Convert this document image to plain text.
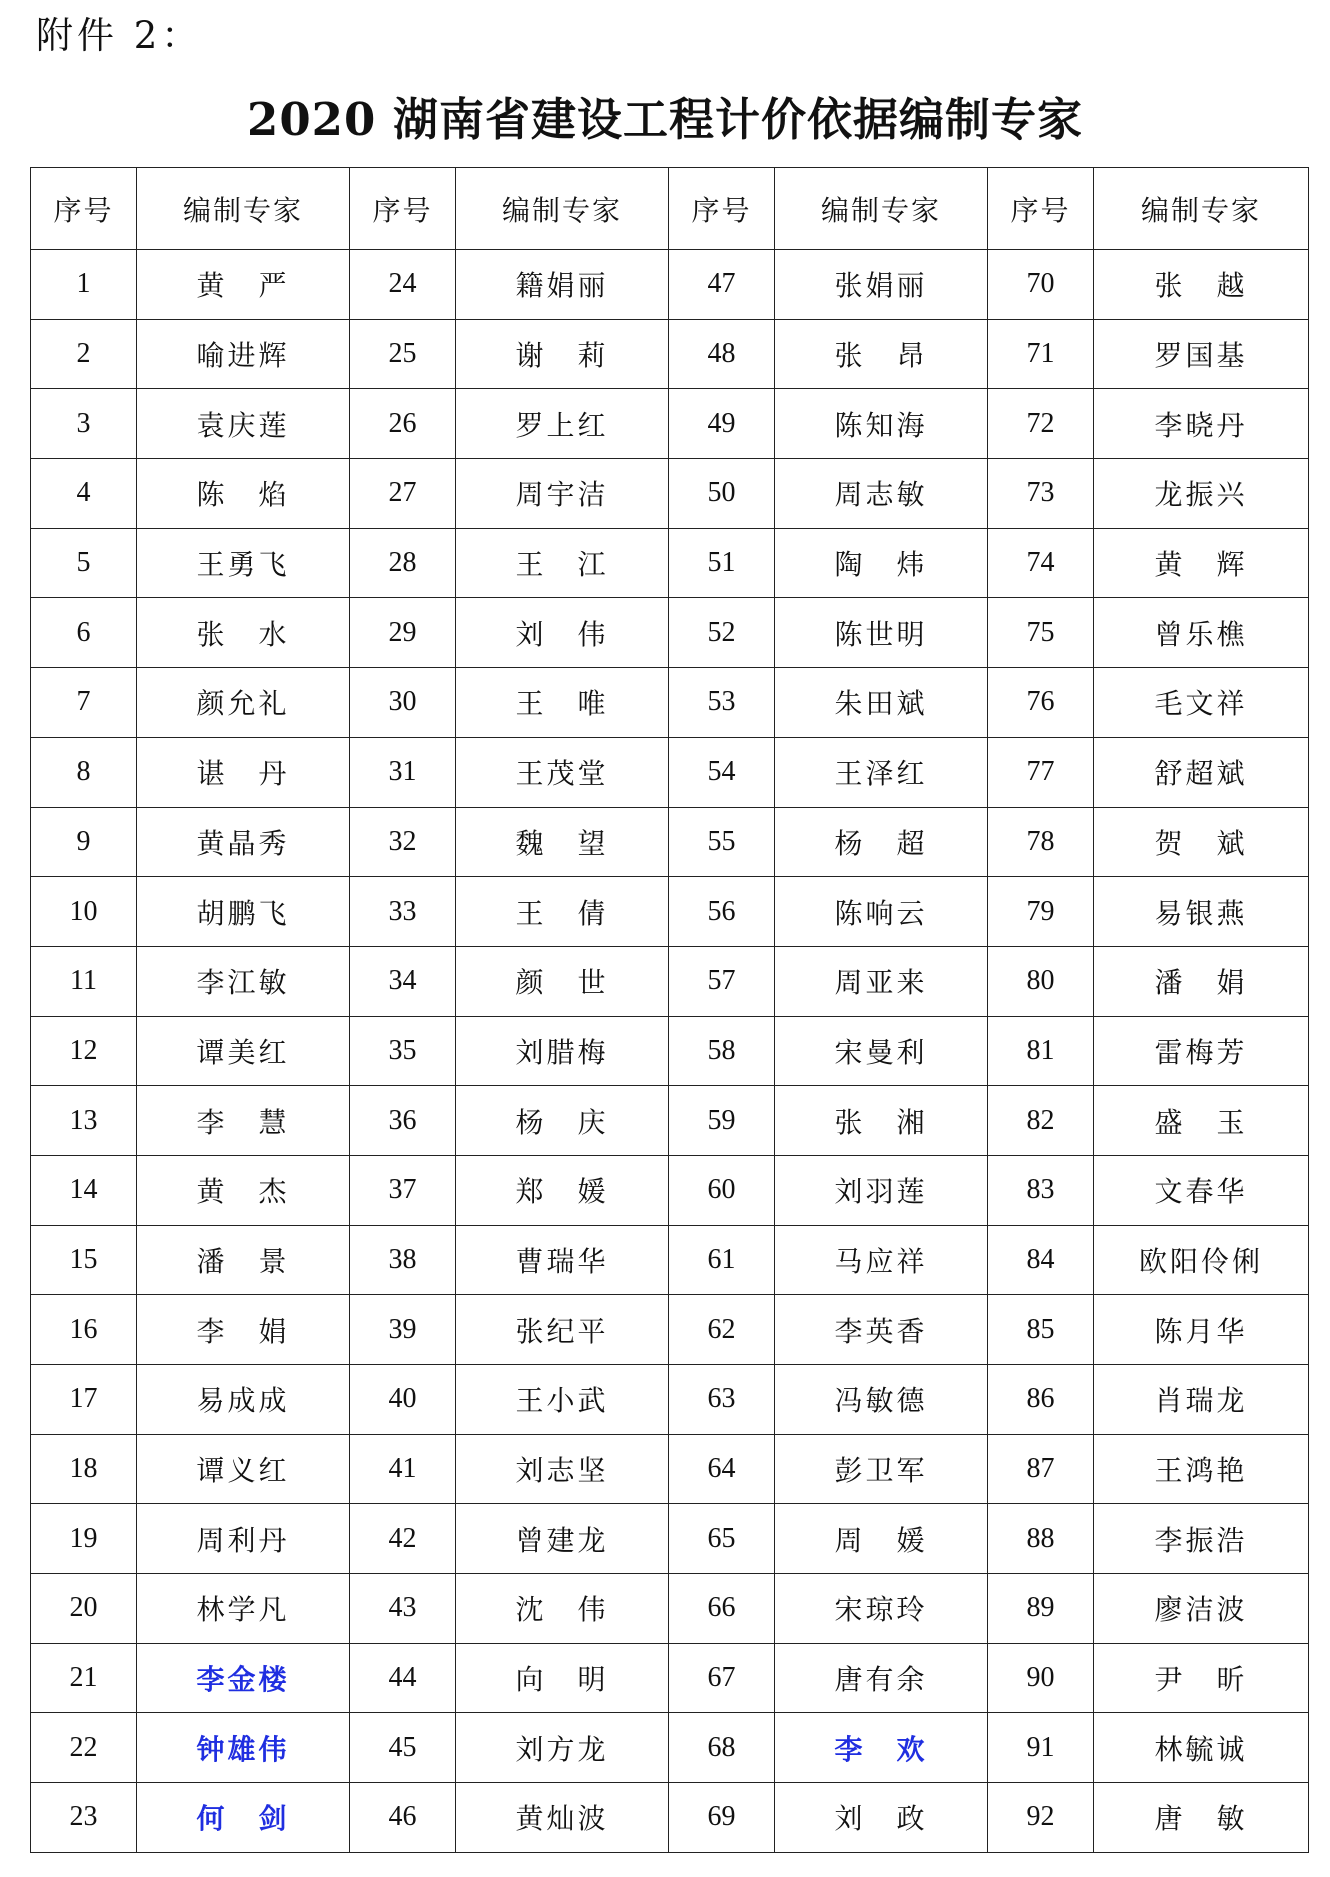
附件 2：

2020 湖南省建设工程计价依据编制专家
序号	编制专家	序号	编制专家	序号	编制专家	序号	编制专家
1	黄　严	24	籍娟丽	47	张娟丽	70	张　越
2	喻进辉	25	谢　莉	48	张　昂	71	罗国基
3	袁庆莲	26	罗上红	49	陈知海	72	李晓丹
4	陈　焰	27	周宇洁	50	周志敏	73	龙振兴
5	王勇飞	28	王　江	51	陶　炜	74	黄　辉
6	张　水	29	刘　伟	52	陈世明	75	曾乐樵
7	颜允礼	30	王　唯	53	朱田斌	76	毛文祥
8	谌　丹	31	王茂堂	54	王泽红	77	舒超斌
9	黄晶秀	32	魏　望	55	杨　超	78	贺　斌
10	胡鹏飞	33	王　倩	56	陈响云	79	易银燕
11	李江敏	34	颜　世	57	周亚来	80	潘　娟
12	谭美红	35	刘腊梅	58	宋曼利	81	雷梅芳
13	李　慧	36	杨　庆	59	张　湘	82	盛　玉
14	黄　杰	37	郑　媛	60	刘羽莲	83	文春华
15	潘　景	38	曹瑞华	61	马应祥	84	欧阳伶俐
16	李　娟	39	张纪平	62	李英香	85	陈月华
17	易成成	40	王小武	63	冯敏德	86	肖瑞龙
18	谭义红	41	刘志坚	64	彭卫军	87	王鸿艳
19	周利丹	42	曾建龙	65	周　媛	88	李振浩
20	林学凡	43	沈　伟	66	宋琼玲	89	廖洁波
21	李金楼	44	向　明	67	唐有余	90	尹　昕
22	钟雄伟	45	刘方龙	68	李　欢	91	林毓诚
23	何　剑	46	黄灿波	69	刘　政	92	唐　敏
